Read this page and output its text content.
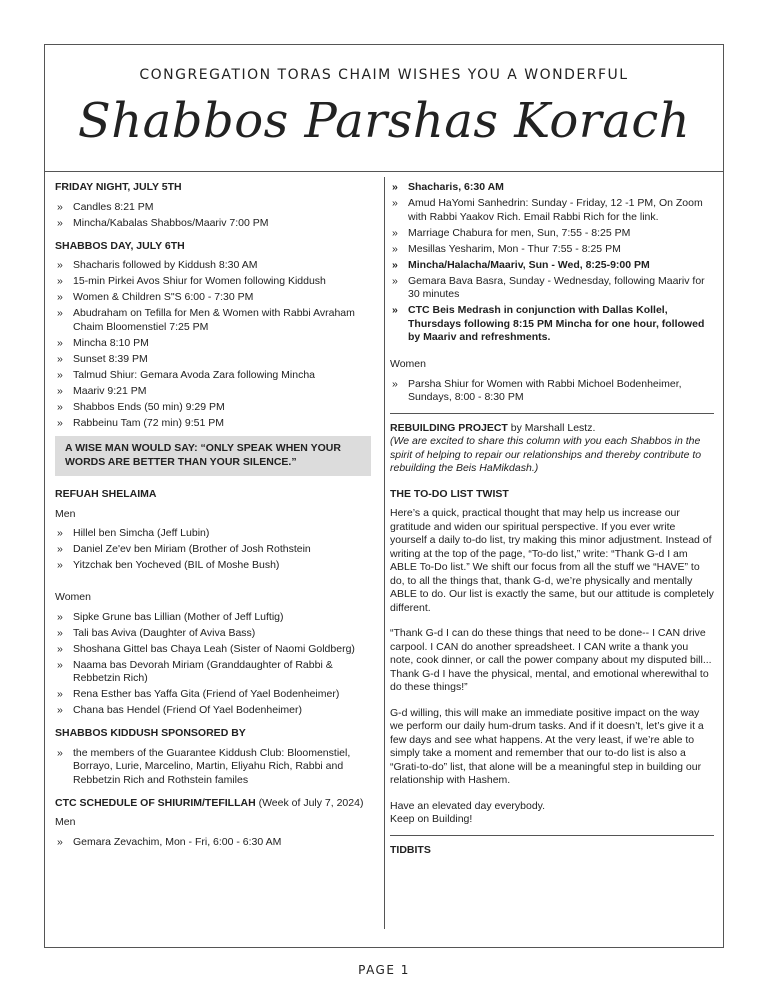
CONGREGATION TORAS CHAIM WISHES YOU A WONDERFUL
Shabbos Parshas Korach
FRIDAY NIGHT, JULY 5TH
» Candles 8:21 PM
» Mincha/Kabalas Shabbos/Maariv 7:00 PM
SHABBOS DAY, JULY 6TH
» Shacharis followed by Kiddush 8:30 AM
» 15-min Pirkei Avos Shiur for Women following Kiddush
» Women & Children S"S 6:00 - 7:30 PM
» Abudraham on Tefilla for Men & Women with Rabbi Avraham Chaim Bloomenstiel 7:25 PM
» Mincha 8:10 PM
» Sunset 8:39 PM
» Talmud Shiur: Gemara Avoda Zara following Mincha
» Maariv 9:21 PM
» Shabbos Ends (50 min) 9:29 PM
» Rabbeinu Tam (72 min) 9:51 PM
A WISE MAN WOULD SAY: “ONLY SPEAK WHEN YOUR WORDS ARE BETTER THAN YOUR SILENCE.”
REFUAH SHELAIMA
Men
» Hillel ben Simcha (Jeff Lubin)
» Daniel Ze'ev ben Miriam (Brother of Josh Rothstein
» Yitzchak ben Yocheved (BIL of Moshe Bush)
Women
» Sipke Grune bas Lillian (Mother of Jeff Luftig)
» Tali bas Aviva (Daughter of Aviva Bass)
» Shoshana Gittel bas Chaya Leah (Sister of Naomi Goldberg)
» Naama bas Devorah Miriam (Granddaughter of Rabbi & Rebbetzin Rich)
» Rena Esther bas Yaffa Gita (Friend of Yael Bodenheimer)
» Chana bas Hendel (Friend Of Yael Bodenheimer)
SHABBOS KIDDUSH SPONSORED BY
» the members of the Guarantee Kiddush Club: Bloomenstiel, Borrayo, Lurie, Marcelino, Martin, Eliyahu Rich, Rabbi and Rebbetzin Rich and Rothstein familes
CTC SCHEDULE OF SHIURIM/TEFILLAH (Week of July 7, 2024)
Men
» Gemara Zevachim, Mon - Fri, 6:00 - 6:30 AM
» Shacharis, 6:30 AM
» Amud HaYomi Sanhedrin: Sunday - Friday, 12 -1 PM, On Zoom with Rabbi Yaakov Rich. Email Rabbi Rich for the link.
» Marriage Chabura for men, Sun, 7:55 - 8:25 PM
» Mesillas Yesharim, Mon - Thur 7:55 - 8:25 PM
» Mincha/Halacha/Maariv, Sun - Wed, 8:25-9:00 PM
» Gemara Bava Basra, Sunday - Wednesday, following Maariv for 30 minutes
» CTC Beis Medrash in conjunction with Dallas Kollel, Thursdays following 8:15 PM Mincha for one hour, followed by Maariv and refreshments.
Women
» Parsha Shiur for Women with Rabbi Michoel Bodenheimer, Sundays, 8:00 - 8:30 PM
REBUILDING PROJECT by Marshall Lestz.
(We are excited to share this column with you each Shabbos in the spirit of helping to repair our relationships and thereby contribute to rebuilding the Beis HaMikdash.)
THE TO-DO LIST TWIST
Here’s a quick, practical thought that may help us increase our gratitude and widen our spiritual perspective. If you ever write yourself a daily to-do list, try making this minor adjustment. Instead of writing at the top of the page, “To-do list,” write: “Thank G-d I am ABLE To-Do list.” We shift our focus from all the stuff we “HAVE” to do, to all the things that, thank G-d, we’re physically and mentally ABLE to do. Our list is exactly the same, but our attitude is completely different.
“Thank G-d I can do these things that need to be done-- I CAN drive carpool. I CAN do another spreadsheet. I CAN write a thank you note, cook dinner, or call the power company about my disputed bill... Thank G-d I have the physical, mental, and emotional wherewithal to do these things!”
G-d willing, this will make an immediate positive impact on the way we perform our daily hum-drum tasks. And if it doesn’t, let’s give it a few days and see what happens. At the very least, if we’re able to simply take a moment and remember that our to-do list is also a “Grati-to-do” list, that alone will be a meaningful step in building our relationship with Hashem.
Have an elevated day everybody.
Keep on Building!
TIDBITS
PAGE 1
